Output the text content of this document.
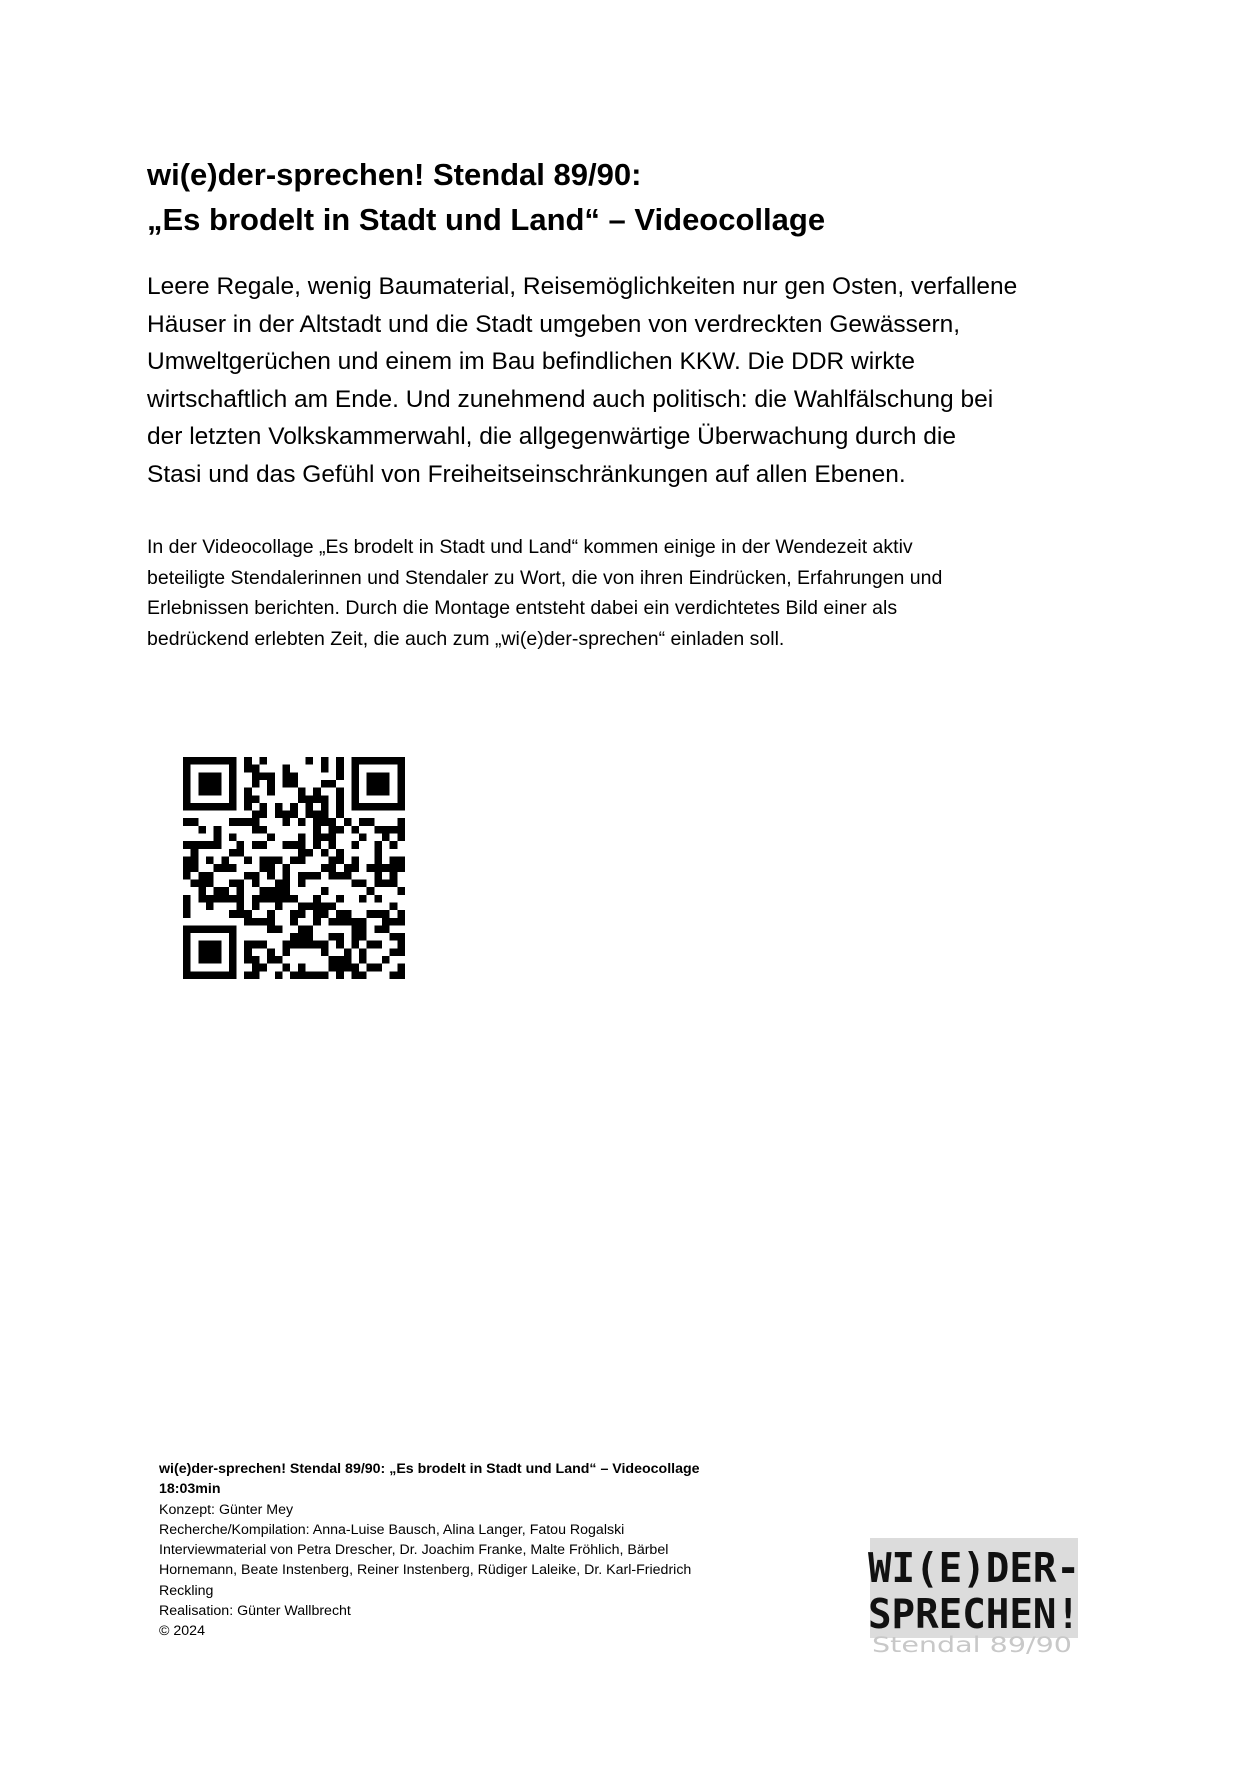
wi(e)der-sprechen! Stendal 89/90:
„Es brodelt in Stadt und Land“ – Videocollage
Leere Regale, wenig Baumaterial, Reisemöglichkeiten nur gen Osten, verfallene
Häuser in der Altstadt und die Stadt umgeben von verdreckten Gewässern,
Umweltgerüchen und einem im Bau befindlichen KKW. Die DDR wirkte
wirtschaftlich am Ende. Und zunehmend auch politisch: die Wahlfälschung bei
der letzten Volkskammerwahl, die allgegenwärtige Überwachung durch die
Stasi und das Gefühl von Freiheitseinschränkungen auf allen Ebenen.
In der Videocollage „Es brodelt in Stadt und Land“ kommen einige in der Wendezeit aktiv
beteiligte Stendalerinnen und Stendaler zu Wort, die von ihren Eindrücken, Erfahrungen und
Erlebnissen berichten. Durch die Montage entsteht dabei ein verdichtetes Bild einer als
bedrückend erlebten Zeit, die auch zum „wi(e)der-sprechen“ einladen soll.
wi(e)der-sprechen! Stendal 89/90: „Es brodelt in Stadt und Land“ – Videocollage
18:03min
Konzept: Günter Mey
Recherche/Kompilation: Anna-Luise Bausch, Alina Langer, Fatou Rogalski
Interviewmaterial von Petra Drescher, Dr. Joachim Franke, Malte Fröhlich, Bärbel
Hornemann, Beate Instenberg, Reiner Instenberg, Rüdiger Laleike, Dr. Karl-Friedrich
Reckling
Realisation: Günter Wallbrecht
© 2024
WI(E)DER-
SPRECHEN!
Stendal 89/90
